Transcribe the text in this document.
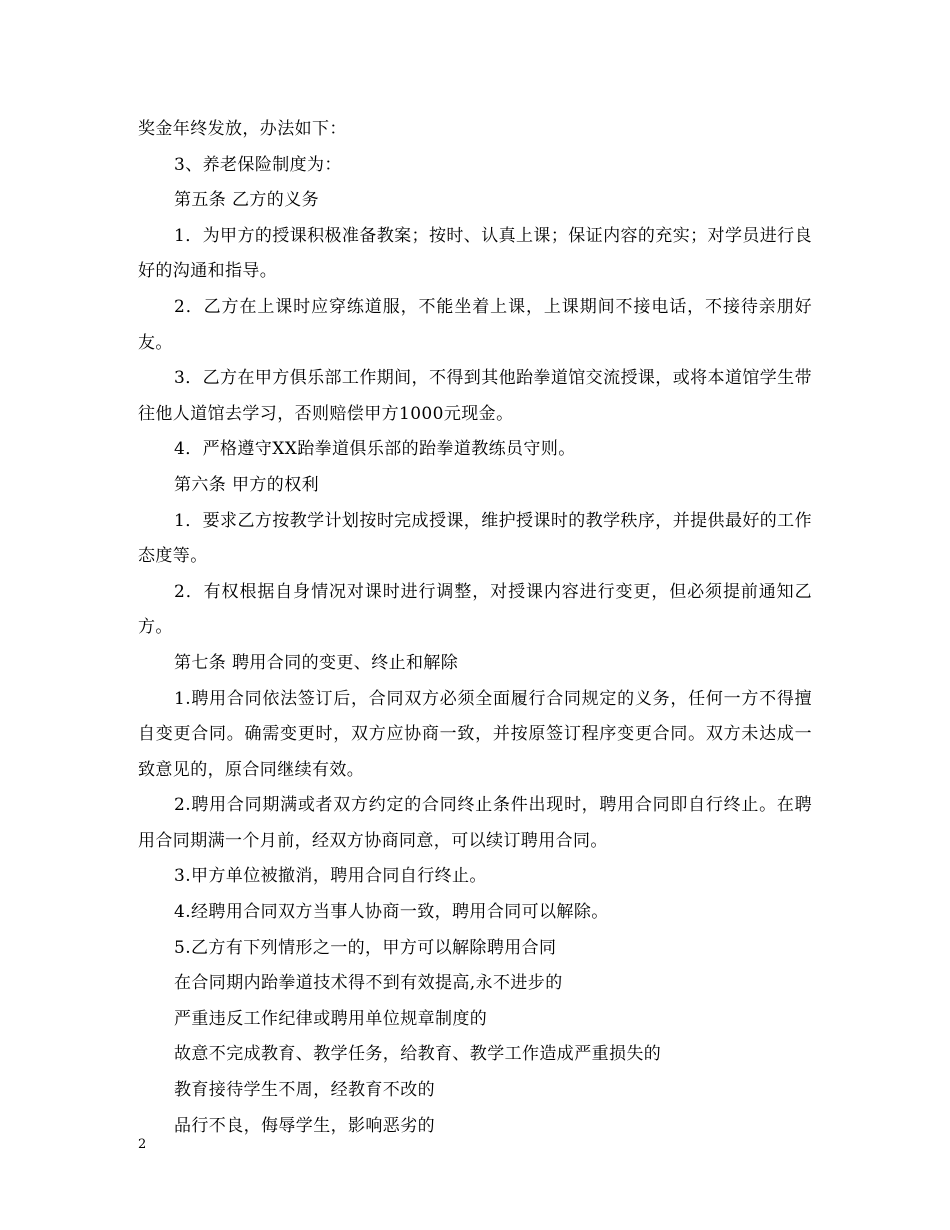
奖金年终发放，办法如下：

3、养老保险制度为：

第五条 乙方的义务

1．为甲方的授课积极准备教案；按时、认真上课；保证内容的充实；对学员进行良好的沟通和指导。

2．乙方在上课时应穿练道服，不能坐着上课，上课期间不接电话，不接待亲朋好友。

3．乙方在甲方俱乐部工作期间，不得到其他跆拳道馆交流授课，或将本道馆学生带往他人道馆去学习，否则赔偿甲方1000元现金。

4．严格遵守XX跆拳道俱乐部的跆拳道教练员守则。

第六条 甲方的权利

1．要求乙方按教学计划按时完成授课，维护授课时的教学秩序，并提供最好的工作态度等。

2．有权根据自身情况对课时进行调整，对授课内容进行变更，但必须提前通知乙方。

第七条 聘用合同的变更、终止和解除

1.聘用合同依法签订后，合同双方必须全面履行合同规定的义务，任何一方不得擅自变更合同。确需变更时，双方应协商一致，并按原签订程序变更合同。双方未达成一致意见的，原合同继续有效。

2.聘用合同期满或者双方约定的合同终止条件出现时，聘用合同即自行终止。在聘用合同期满一个月前，经双方协商同意，可以续订聘用合同。

3.甲方单位被撤消，聘用合同自行终止。

4.经聘用合同双方当事人协商一致，聘用合同可以解除。

5.乙方有下列情形之一的，甲方可以解除聘用合同

在合同期内跆拳道技术得不到有效提高,永不进步的

严重违反工作纪律或聘用单位规章制度的

故意不完成教育、教学任务，给教育、教学工作造成严重损失的

教育接待学生不周，经教育不改的

品行不良，侮辱学生，影响恶劣的

2
